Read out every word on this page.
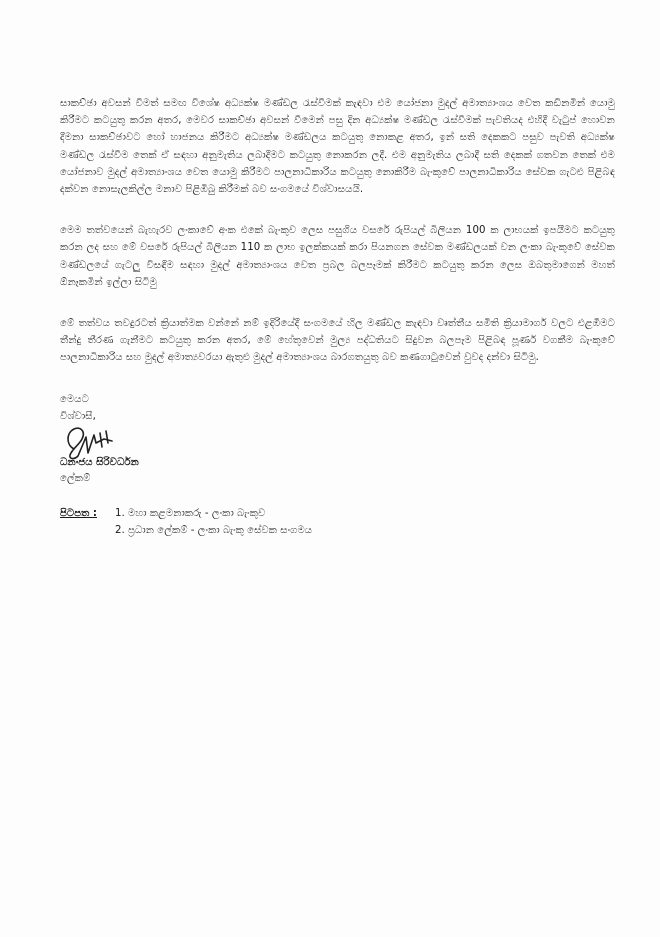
සාකච්ඡා අවසන් වීමත් සමඟ විශේෂ අධ්‍යක්ෂ මණ්ඩල රැස්වීමක් කැඳවා එම යෝජනා මුදල් අමාත්‍යාංශය වෙත කඩිනමින් යොමු කිරීමට කටයුතු කරන අතර, මෙවර සාකච්ඡා අවසන් වීමෙන් පසු දින අධ්‍යක්ෂ මණ්ඩල රැස්වීමක් පැවතියද එහිදී වැටුප් හොවන දීමනා සාකච්ඡාවට හෝ හාජනය කිරීමට අධ්‍යක්ෂ මණ්ඩලය කටයුතු නොකළ අතර, ඉන් සති දෙකකට පසුව පැවති අධ්‍යක්ෂ මණ්ඩල රැස්වීම තෙක් ඒ සඳහා අනුමැතිය ලබාදීමට කටයුතු නොකරන ලදී. එම අනුමැතිය ලබාදී සති දෙකක් ගතවන තෙක් එම යෝජනාව මුදල් අමාත්‍යාංශය වෙත යොමු කිරීමට පාලනාධිකාරිය කටයුතු නොකිරීම බැංකුවේ පාලනාධිකාරිය සේවක ගැටළු පිළිබඳ දක්වන නොසැලකිල්ල මනාව පිළිඹිබු කිරීමක් බව සංගමයේ විශ්වාසයයි.

මෙම තත්වයෙන් බැහැරව ලංකාවේ අංක එකේ බැංකුව ලෙස පසුගිය වසරේ රුපියල් බිලියන 100 ක ලාභයක් ඉපයීමට කටයුතු කරන ලද සහ මේ වසරේ රුපියල් බිලියන 110 ක ලාභ ඉලක්කයක් කරා පියනගන සේවක මණ්ඩලයක් වන ලංකා බැංකුවේ සේවක මණ්ඩලයේ ගැටලු විසඳීම සඳහා මුදල් අමාත්‍යාංශය වෙත ප්‍රබල බලපෑමක් කිරීමට කටයුතු කරන ලෙස ඔබතුමාගෙන් මහත් ඕනෑකමින් ඉල්ලා සිටිමු

මේ තත්වය තවදුරටත් ක්‍රියාත්මක වන්නේ නම් ඉදිරියේදී සංගමයේ හිල මණ්ඩල කැඳවා වෘත්තීය සමිති ක්‍රියාමාර්ග වලට එළඹීමට තීන්දු තීරණ ගැනීමට කටයුතු කරන අතර, මේ හේතුවෙන් මුල්‍ය පද්ධතියට සිදුවන බලපෑම පිළිබඳ පූර්ණ වගකීම බැංකුවේ පාලනාධිකාරිය සහ මුදල් අමාත්‍යවරයා ඇතුළු මුදල් අමාත්‍යාංශය බාරගතයුතු බව කණගාටුවෙන් වුවද දන්වා සිටිමු.

මෙයට
විශ්වාසී,
ධනංජය සිරිවර්ධන
ලේකම්
පිටපත :	1. මහා කළමනාකරු - ලංකා බැංකුව
2. ප්‍රධාන ලේකම් - ලංකා බැංකු සේවක සංගමය
